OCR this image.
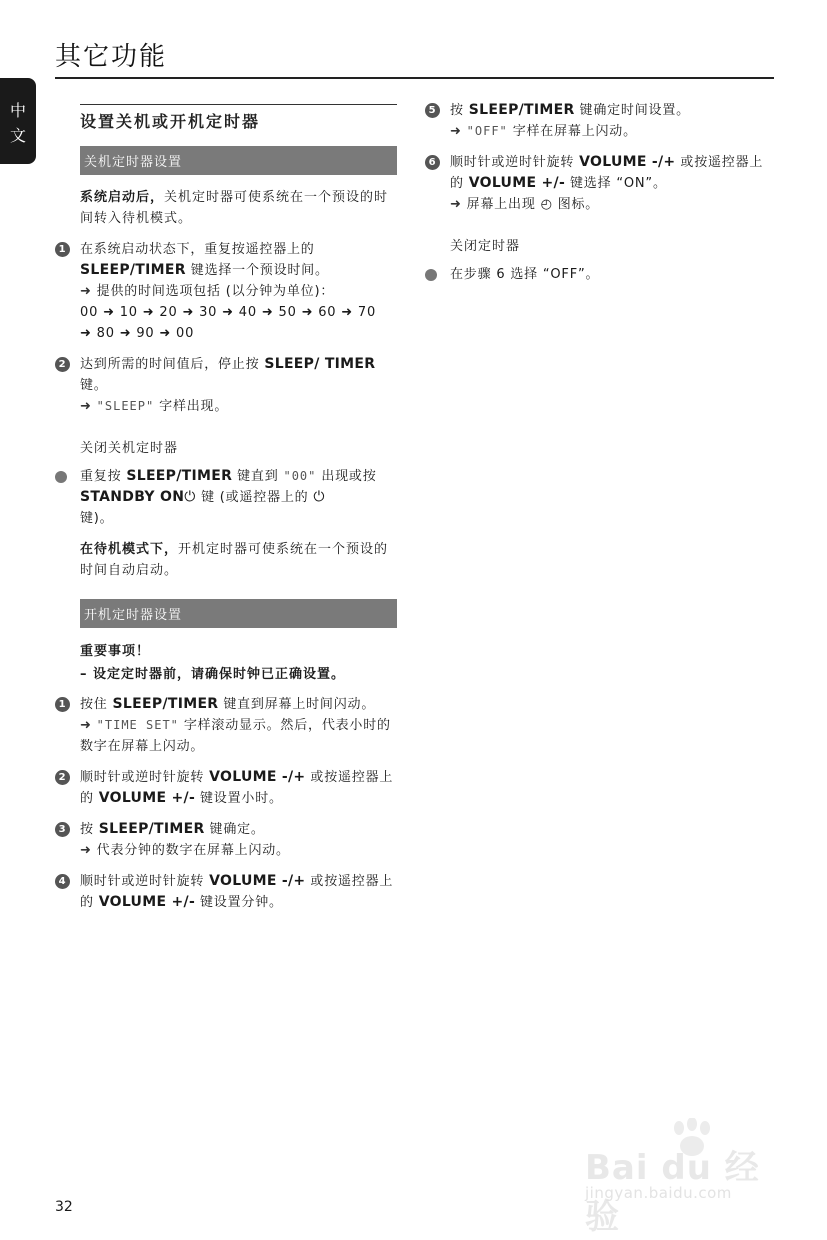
其它功能
中
文
设置关机或开机定时器
关机定时器设置
系统启动后，关机定时器可使系统在一个预设的时间转入待机模式。
1 在系统启动状态下，重复按遥控器上的
SLEEP/TIMER 键选择一个预设时间。
➜ 提供的时间选项包括 (以分钟为单位)：
00 ➜ 10 ➜ 20 ➜ 30 ➜ 40 ➜ 50 ➜ 60 ➜ 70
➜ 80 ➜ 90 ➜ 00
2 达到所需的时间值后，停止按 SLEEP/ TIMER 键。
➜ "SLEEP" 字样出现。
关闭关机定时器
重复按 SLEEP/TIMER 键直到 "00" 出现或按STANDBY ON⏻ 键 (或遥控器上的 ⏻
键)。
在待机模式下，开机定时器可使系统在一个预设的时间自动启动。
开机定时器设置
重要事项！
– 设定定时器前，请确保时钟已正确设置。
1 按住 SLEEP/TIMER 键直到屏幕上时间闪动。
➜ "TIME SET" 字样滚动显示。然后，代表小时的数字在屏幕上闪动。
2 顺时针或逆时针旋转 VOLUME -/+ 或按遥控器上的 VOLUME +/- 键设置小时。
3 按 SLEEP/TIMER 键确定。
➜ 代表分钟的数字在屏幕上闪动。
4 顺时针或逆时针旋转 VOLUME -/+ 或按遥控器上的 VOLUME +/- 键设置分钟。
5 按 SLEEP/TIMER 键确定时间设置。
➜ "OFF" 字样在屏幕上闪动。
6 顺时针或逆时针旋转 VOLUME -/+ 或按遥控器上的 VOLUME +/- 键选择 “ON”。
➜ 屏幕上出现 ◴ 图标。
关闭定时器
在步骤 6 选择 “OFF”。
32
Bai du 经验
jingyan.baidu.com
